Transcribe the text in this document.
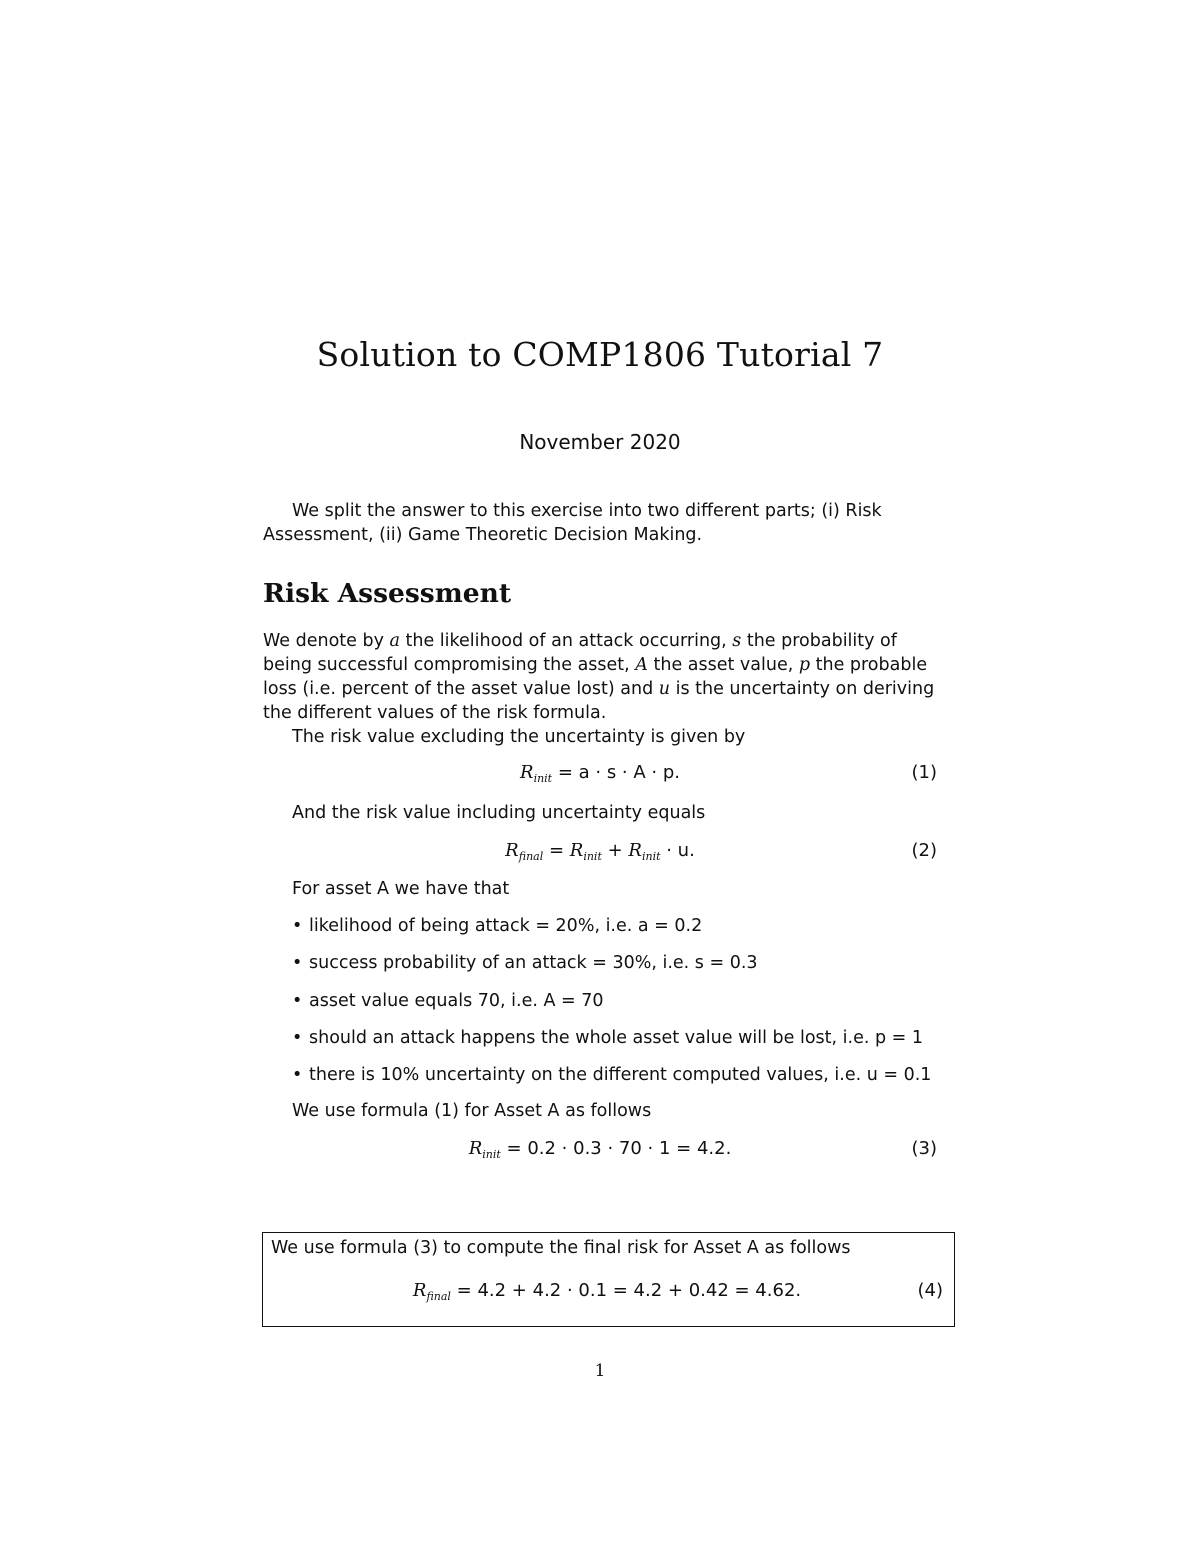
Solution to COMP1806 Tutorial 7
November 2020

We split the answer to this exercise into two different parts; (i) Risk Assessment, (ii) Game Theoretic Decision Making.

Risk Assessment

We denote by a the likelihood of an attack occurring, s the probability of being successful compromising the asset, A the asset value, p the probable loss (i.e. percent of the asset value lost) and u is the uncertainty on deriving the different values of the risk formula.

The risk value excluding the uncertainty is given by
$R_{init} = a \cdot s \cdot A \cdot p$.	(1)
And the risk value including uncertainty equals
$R_{final} = R_{init} + R_{init} \cdot u$.	(2)
For asset A we have that
• likelihood of being attack = 20%, i.e. a = 0.2
• success probability of an attack = 30%, i.e. s = 0.3
• asset value equals 70, i.e. A = 70
• should an attack happens the whole asset value will be lost, i.e. p = 1
• there is 10% uncertainty on the different computed values, i.e. u = 0.1
We use formula (1) for Asset A as follows
$R_{init} = 0.2 \cdot 0.3 \cdot 70 \cdot 1 = 4.2$.	(3)
We use formula (3) to compute the final risk for Asset A as follows
$R_{final} = 4.2 + 4.2 \cdot 0.1 = 4.2 + 0.42 = 4.62$.	(4)
1
